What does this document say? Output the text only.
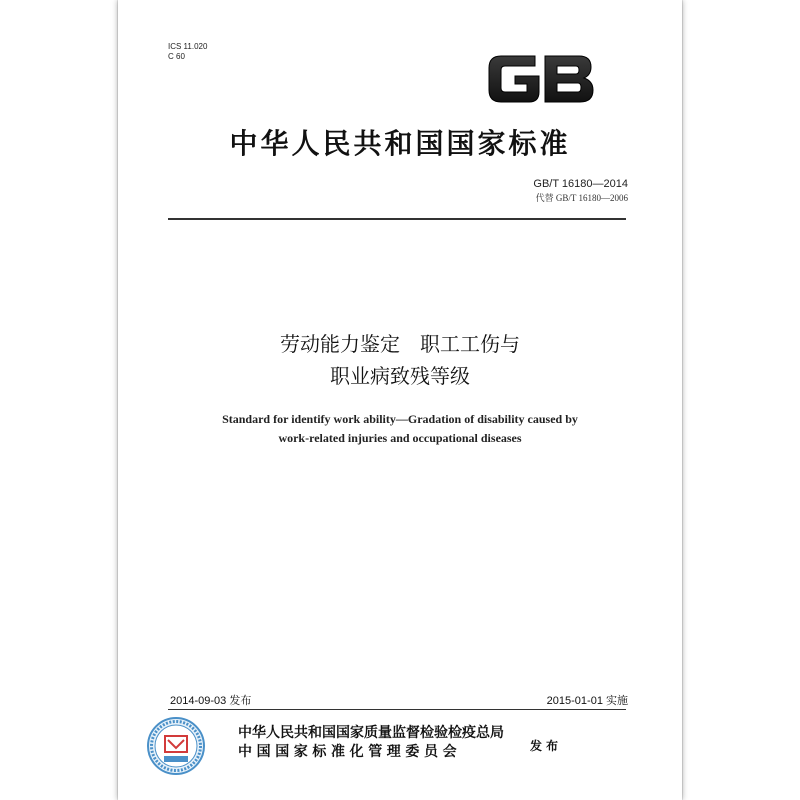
ICS 11.020
C 60
GB
中华人民共和国国家标准
GB/T 16180—2014
代替 GB/T 16180—2006
劳动能力鉴定　职工工伤与
职业病致残等级
Standard for identify work ability—Gradation of disability caused by
work-related injuries and occupational diseases
2014-09-03 发布	2015-01-01 实施
中华人民共和国国家质量监督检验检疫总局
中国国家标准化管理委员会	发布
